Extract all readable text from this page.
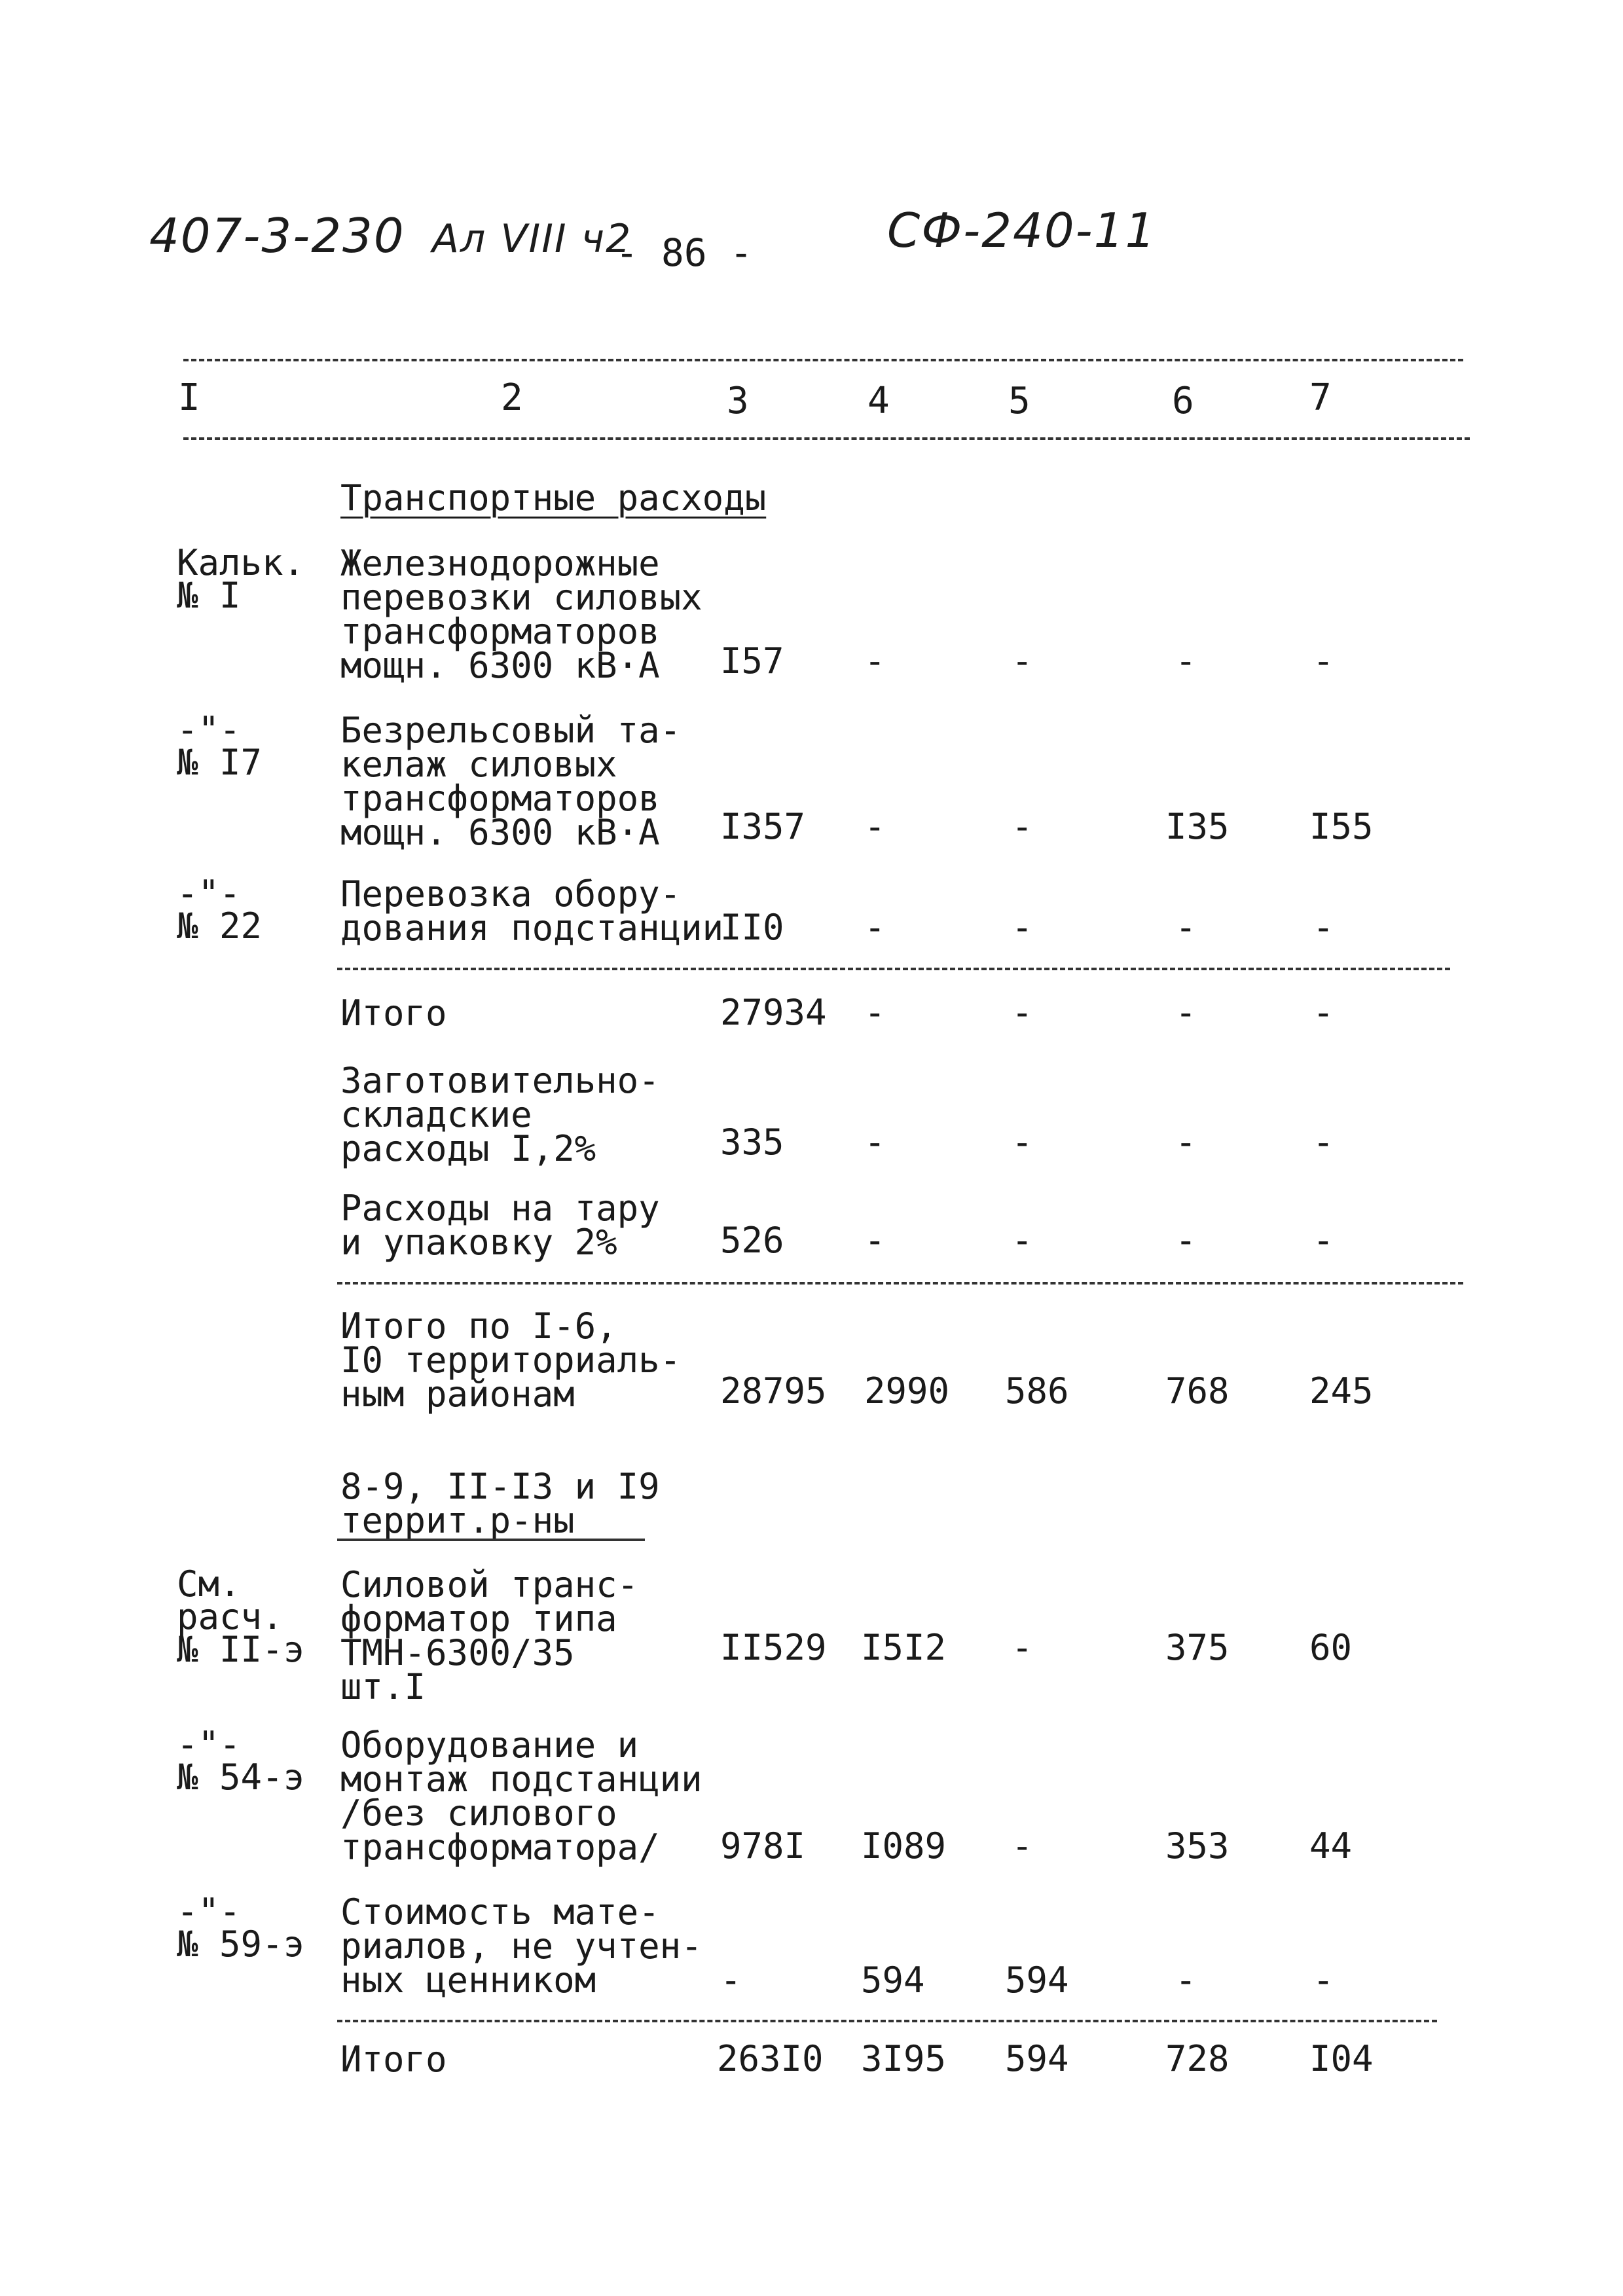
407-3-230 Ал VIII ч2
- 86 -	СФ-240-11
I	2	3	4	5	6	7
Транспортные расходы
Кальк.
№ I
Железнодорожные
перевозки силовых
трансформаторов
мощн. 6300 кВ·А	I57 -	-	-	-
-"-
№ I7
Безрельсовый та-
келаж силовых
трансформаторов
мощн. 6300 кВ·А	I357 -	-	I35 I55
-"-
№ 22
Перевозка обору-
дования подстанции
II0 -	-	-	-
Итого	27934 -	-	-	-
Заготовительно-
складские
расходы I,2%	335 -	-	-	-
Расходы на тару
и упаковку 2%	526 -	-	-	-
Итого по I-6,
I0 территориаль-
ным районам	28795 2990 586	768 245
8-9, II-I3 и I9
террит.р-ны
См.
расч.
№ II-э
Силовой транс-
форматор типа
ТМН-6300/35
шт.I
II529 I5I2 -	375 60
-"-
№ 54-э
Оборудование и
монтаж подстанции
/без силового
трансформатора/	978I I089 -	353 44
-"-
№ 59-э
Стоимость мате-
риалов, не учтен-
ных ценником	-	594 594	-	-
Итого	263I0 3I95 594	728 I04
